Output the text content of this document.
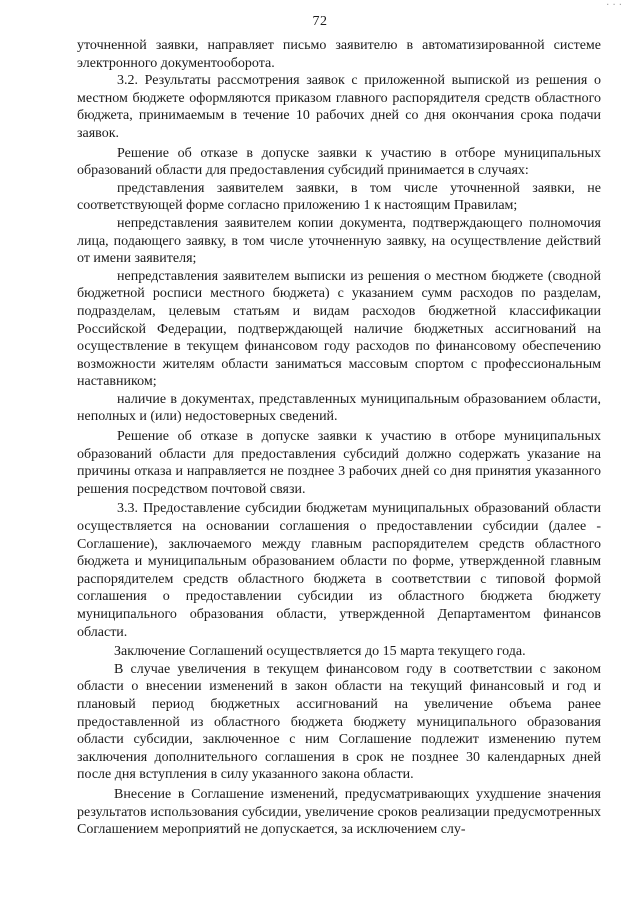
· · ·
72

уточненной заявки, направляет письмо заявителю в автоматизированной системе электронного документооборота.

3.2. Результаты рассмотрения заявок с приложенной выпиской из решения о местном бюджете оформляются приказом главного распорядителя средств областного бюджета, принимаемым в течение 10 рабочих дней со дня окончания срока подачи заявок.

Решение об отказе в допуске заявки к участию в отборе муниципальных образований области для предоставления субсидий принимается в случаях:

представления заявителем заявки, в том числе уточненной заявки, не соответствующей форме согласно приложению 1 к настоящим Правилам;

непредставления заявителем копии документа, подтверждающего полномочия лица, подающего заявку, в том числе уточненную заявку, на осуществление действий от имени заявителя;

непредставления заявителем выписки из решения о местном бюджете (сводной бюджетной росписи местного бюджета) с указанием сумм расходов по разделам, подразделам, целевым статьям и видам расходов бюджетной классификации Российской Федерации, подтверждающей наличие бюджетных ассигнований на осуществление в текущем финансовом году расходов по финансовому обеспечению возможности жителям области заниматься массовым спортом с профессиональным наставником;

наличие в документах, представленных муниципальным образованием области, неполных и (или) недостоверных сведений.

Решение об отказе в допуске заявки к участию в отборе муниципальных образований области для предоставления субсидий должно содержать указание на причины отказа и направляется не позднее 3 рабочих дней со дня принятия указанного решения посредством почтовой связи.

3.3. Предоставление субсидии бюджетам муниципальных образований области осуществляется на основании соглашения о предоставлении субсидии (далее - Соглашение), заключаемого между главным распорядителем средств областного бюджета и муниципальным образованием области по форме, утвержденной главным распорядителем средств областного бюджета в соответствии с типовой формой соглашения о предоставлении субсидии из областного бюджета бюджету муниципального образования области, утвержденной Департаментом финансов области.

Заключение Соглашений осуществляется до 15 марта текущего года.

В случае увеличения в текущем финансовом году в соответствии с законом области о внесении изменений в закон области на текущий финансовый и год и плановый период бюджетных ассигнований на увеличение объема ранее предоставленной из областного бюджета бюджету муниципального образования области субсидии, заключенное с ним Соглашение подлежит изменению путем заключения дополнительного соглашения в срок не позднее 30 календарных дней после дня вступления в силу указанного закона области.

Внесение в Соглашение изменений, предусматривающих ухудшение значения результатов использования субсидии, увеличение сроков реализации предусмотренных Соглашением мероприятий не допускается, за исключением слу-
